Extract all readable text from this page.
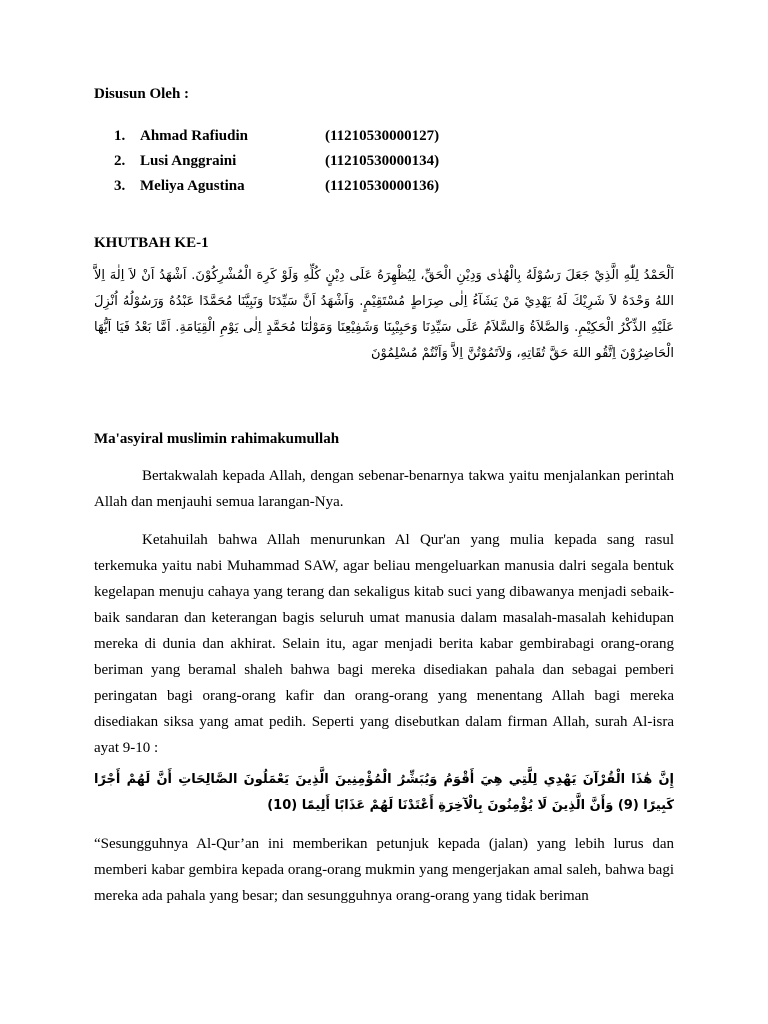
Disusun Oleh :

1. Ahmad Rafiudin	(11210530000127)
2. Lusi Anggraini	(11210530000134)
3. Meliya Agustina	(11210530000136)

KHUTBAH KE-1

اَلْحَمْدُ لِلّٰهِ الَّذِيْ جَعَلَ رَسُوْلَهُ بِالْهُدٰى وَدِيْنِ الْحَقِّ، لِيُظْهِرَهُ عَلَى دِيْنٍ كُلِّهِ وَلَوْ كَرِهَ الْمُشْرِكُوْنَ. اَشْهَدُ اَنْ لاَ اِلٰهَ اِلاَّ اللهُ وَحْدَهُ لاَ شَرِيْكَ لَهُ يَهْدِيْ مَنْ يَشَآءُ اِلٰى صِرَاطٍ مُسْتَقِيْمٍ. وَاَشْهَدُ اَنَّ سَيِّدَنَا وَنَبِيَّنَا مُحَمَّدًا عَبْدُهُ وَرَسُوْلُهُ اُنْزِلَ عَلَيْهِ الذِّكْرُ الْحَكِيْمِ. وَالصَّلاَةُ وَالسَّلاَمُ عَلَى سَيِّدِنَا وَحَبِيْبِنَا وَشَفِيْعِنَا وَمَوْلٰنَا مُحَمَّدٍ اِلٰى يَوْمِ الْقِيَامَةِ. اَمَّا بَعْدُ فَيَا اَيُّهَا الْحَاضِرُوْنَ اِتَّقُو اللهَ حَقَّ تُقَاتِهِ، وَلاَتَمُوْتُنَّ اِلاَّ وَاَنْتُمْ مُسْلِمُوْنَ

Ma'asyiral muslimin rahimakumullah

Bertakwalah kepada Allah, dengan sebenar-benarnya takwa yaitu menjalankan perintah Allah dan menjauhi semua larangan-Nya.

Ketahuilah bahwa Allah menurunkan Al Qur'an yang mulia kepada sang rasul terkemuka yaitu nabi Muhammad SAW, agar beliau mengeluarkan manusia dalri segala bentuk kegelapan menuju cahaya yang terang dan sekaligus kitab suci yang dibawanya menjadi sebaik-baik sandaran dan keterangan bagis seluruh umat manusia dalam masalah-masalah kehidupan mereka di dunia dan akhirat. Selain itu, agar menjadi berita kabar gembirabagi orang-orang beriman yang beramal shaleh bahwa bagi mereka disediakan pahala dan sebagai pemberi peringatan bagi orang-orang kafir dan orang-orang yang menentang Allah bagi mereka disediakan siksa yang amat pedih. Seperti yang disebutkan dalam firman Allah, surah Al-isra ayat 9-10 :

إِنَّ هَٰذَا الْقُرْآنَ يَهْدِي لِلَّتِي هِيَ أَقْوَمُ وَيُبَشِّرُ الْمُؤْمِنِينَ الَّذِينَ يَعْمَلُونَ الصَّالِحَاتِ أَنَّ لَهُمْ أَجْرًا كَبِيرًا (9) وَأَنَّ الَّذِينَ لَا يُؤْمِنُونَ بِالْآخِرَةِ أَعْتَدْنَا لَهُمْ عَذَابًا أَلِيمًا (10)

“Sesungguhnya Al-Qur’an ini memberikan petunjuk kepada (jalan) yang lebih lurus dan memberi kabar gembira kepada orang-orang mukmin yang mengerjakan amal saleh, bahwa bagi mereka ada pahala yang besar; dan sesungguhnya orang-orang yang tidak beriman
